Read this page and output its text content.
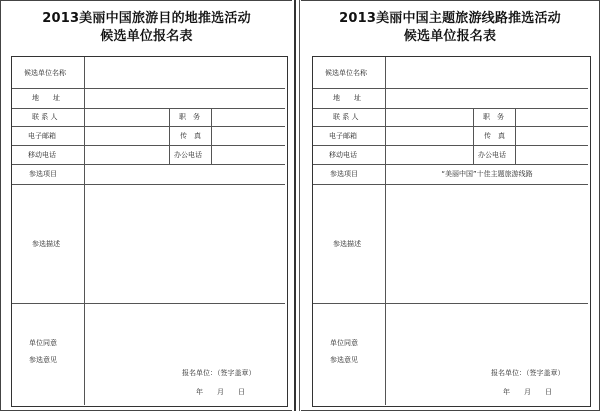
2013美丽中国旅游目的地推选活动
候选单位报名表
候选单位名称
地　　址
联 系 人	职　务
电子邮箱	传　真
移动电话	办公电话
参选项目
参选描述
单位同意
参选意见
报名单位：（签字盖章）
年　　月　　日
2013美丽中国主题旅游线路推选活动
候选单位报名表
候选单位名称
地　　址
联 系 人	职　务
电子邮箱	传　真
移动电话	办公电话
参选项目	“美丽中国”十佳主题旅游线路
参选描述
单位同意
参选意见
报名单位：（签字盖章）
年　　月　　日
